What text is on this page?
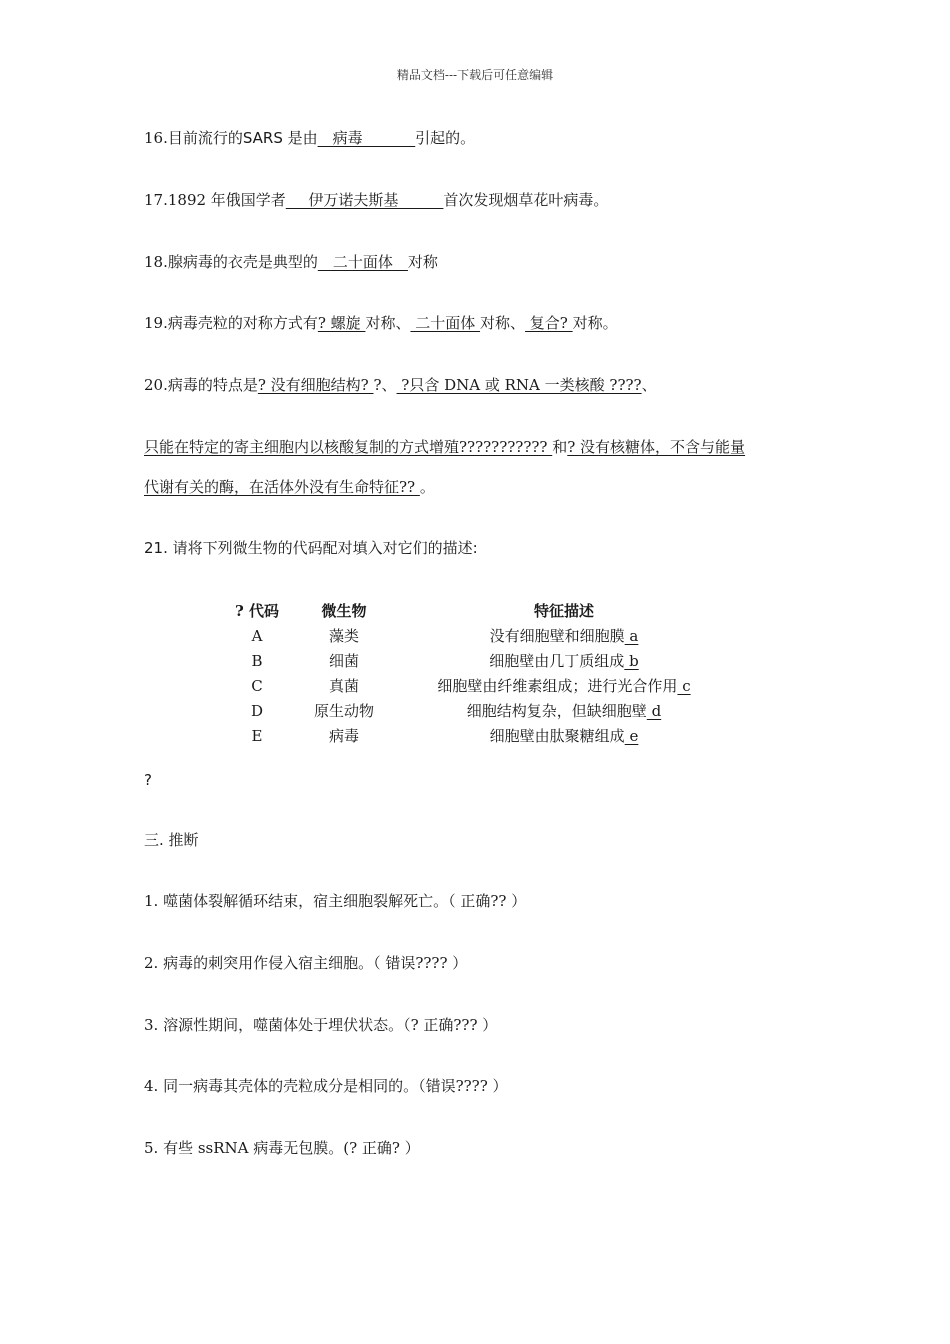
精品文档---下载后可任意编辑
16.目前流行的SARS 是由__病毒_______引起的。
17.1892 年俄国学者___伊万诺夫斯基______首次发现烟草花叶病毒。
18.腺病毒的衣壳是典型的__二十面体__对称
19.病毒壳粒的对称方式有? 螺旋 对称、 二十面体 对称、 复合? 对称。
20.病毒的特点是? 没有细胞结构? ?、 ?只含 DNA 或 RNA 一类核酸 ????、
只能在特定的寄主细胞内以核酸复制的方式增殖??????????? 和? 没有核糖体，不含与能量
代谢有关的酶，在活体外没有生命特征?? 。
21. 请将下列微生物的代码配对填入对它们的描述:
? 代码	微生物	特征描述
A	藻类	没有细胞壁和细胞膜 a
B	细菌	细胞壁由几丁质组成 b
C	真菌	细胞壁由纤维素组成；进行光合作用 c
D	原生动物	细胞结构复杂，但缺细胞壁 d
E	病毒	细胞壁由肽聚糖组成 e
?
三. 推断
1. 噬菌体裂解循环结束，宿主细胞裂解死亡。（ 正确?? ）
2. 病毒的刺突用作侵入宿主细胞。（ 错误???? ）
3. 溶源性期间，噬菌体处于埋伏状态。（? 正确??? ）
4. 同一病毒其壳体的壳粒成分是相同的。（错误???? ）
5. 有些 ssRNA 病毒无包膜。(? 正确? ）
